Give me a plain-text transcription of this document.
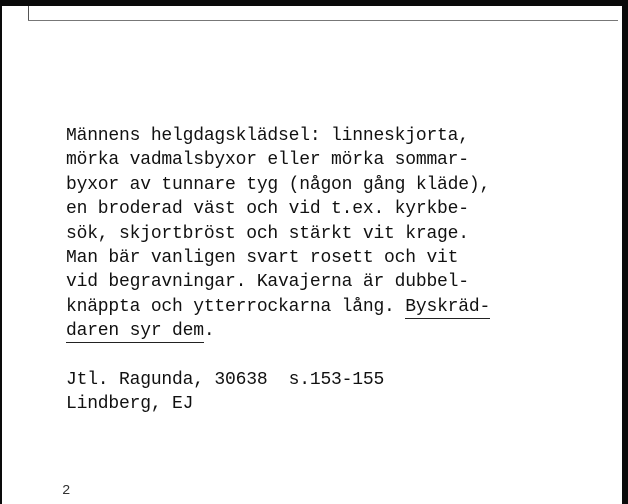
Männens helgdagsklädsel: linneskjorta,
mörka vadmalsbyxor eller mörka sommar-
byxor av tunnare tyg (någon gång kläde),
en broderad väst och vid t.ex. kyrkbe-
sök, skjortbröst och stärkt vit krage.
Man bär vanligen svart rosett och vit
vid begravningar. Kavajerna är dubbel-
knäppta och ytterrockarna lång. Byskräd-
daren syr dem.
Jtl. Ragunda, 30638  s.153-155
Lindberg, EJ
2
